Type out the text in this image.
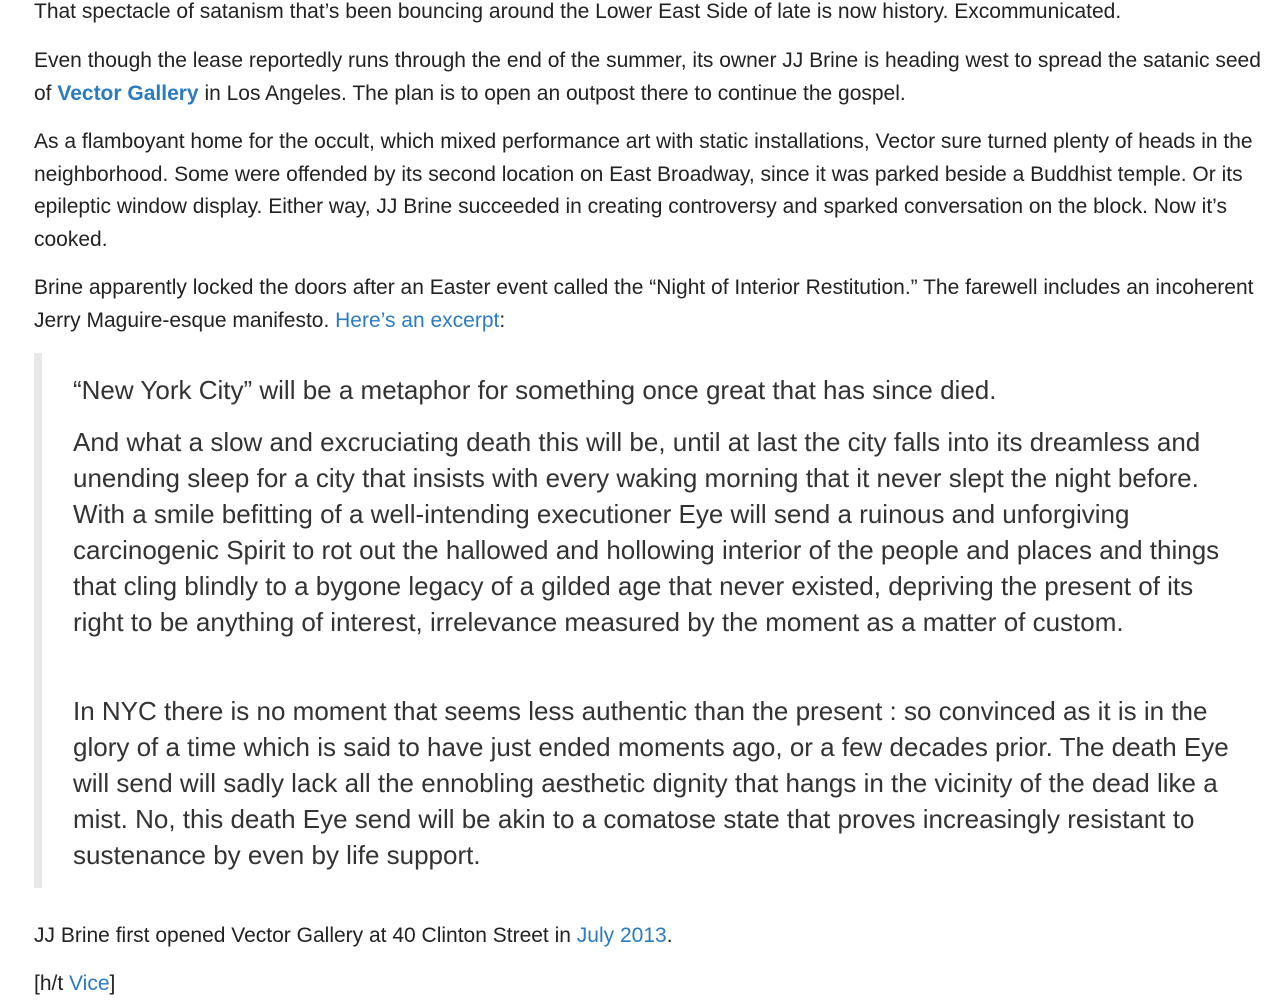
That spectacle of satanism that’s been bouncing around the Lower East Side of late is now history. Excommunicated.

Even though the lease reportedly runs through the end of the summer, its owner JJ Brine is heading west to spread the satanic seed of Vector Gallery in Los Angeles. The plan is to open an outpost there to continue the gospel.

As a flamboyant home for the occult, which mixed performance art with static installations, Vector sure turned plenty of heads in the neighborhood. Some were offended by its second location on East Broadway, since it was parked beside a Buddhist temple. Or its epileptic window display. Either way, JJ Brine succeeded in creating controversy and sparked conversation on the block. Now it’s cooked.

Brine apparently locked the doors after an Easter event called the “Night of Interior Restitution.” The farewell includes an incoherent Jerry Maguire-esque manifesto. Here’s an excerpt:

“New York City” will be a metaphor for something once great that has since died.

And what a slow and excruciating death this will be, until at last the city falls into its dreamless and unending sleep for a city that insists with every waking morning that it never slept the night before. With a smile befitting of a well-intending executioner Eye will send a ruinous and unforgiving carcinogenic Spirit to rot out the hallowed and hollowing interior of the people and places and things that cling blindly to a bygone legacy of a gilded age that never existed, depriving the present of its right to be anything of interest, irrelevance measured by the moment as a matter of custom.

In NYC there is no moment that seems less authentic than the present : so convinced as it is in the glory of a time which is said to have just ended moments ago, or a few decades prior. The death Eye will send will sadly lack all the ennobling aesthetic dignity that hangs in the vicinity of the dead like a mist. No, this death Eye send will be akin to a comatose state that proves increasingly resistant to sustenance by even by life support.

JJ Brine first opened Vector Gallery at 40 Clinton Street in July 2013.

[h/t Vice]
